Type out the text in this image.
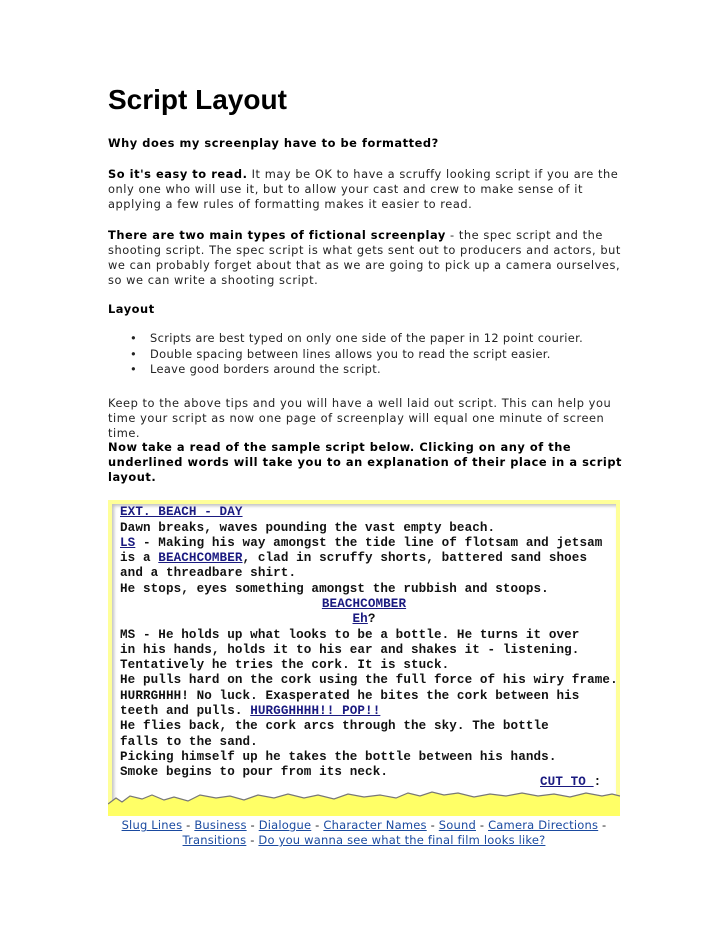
Script Layout

Why does my screenplay have to be formatted?

So it's easy to read. It may be OK to have a scruffy looking script if you are the only one who will use it, but to allow your cast and crew to make sense of it applying a few rules of formatting makes it easier to read.

There are two main types of fictional screenplay - the spec script and the shooting script. The spec script is what gets sent out to producers and actors, but we can probably forget about that as we are going to pick up a camera ourselves, so we can write a shooting script.

Layout

• Scripts are best typed on only one side of the paper in 12 point courier.
• Double spacing between lines allows you to read the script easier.
• Leave good borders around the script.

Keep to the above tips and you will have a well laid out script. This can help you time your script as now one page of screenplay will equal one minute of screen time.

Now take a read of the sample script below. Clicking on any of the underlined words will take you to an explanation of their place in a script layout.

EXT. BEACH - DAY
Dawn breaks, waves pounding the vast empty beach.
LS - Making his way amongst the tide line of flotsam and jetsam
is a BEACHCOMBER, clad in scruffy shorts, battered sand shoes
and a threadbare shirt.
He stops, eyes something amongst the rubbish and stoops.
BEACHCOMBER
Eh?
MS - He holds up what looks to be a bottle. He turns it over
in his hands, holds it to his ear and shakes it - listening.
Tentatively he tries the cork. It is stuck.
He pulls hard on the cork using the full force of his wiry frame.
HURRGHHH! No luck. Exasperated he bites the cork between his
teeth and pulls. HURGGHHHH!! POP!!
He flies back, the cork arcs through the sky. The bottle
falls to the sand.
Picking himself up he takes the bottle between his hands.
Smoke begins to pour from its neck.
CUT TO :
Slug Lines - Business - Dialogue - Character Names - Sound - Camera Directions -
Transitions - Do you wanna see what the final film looks like?
